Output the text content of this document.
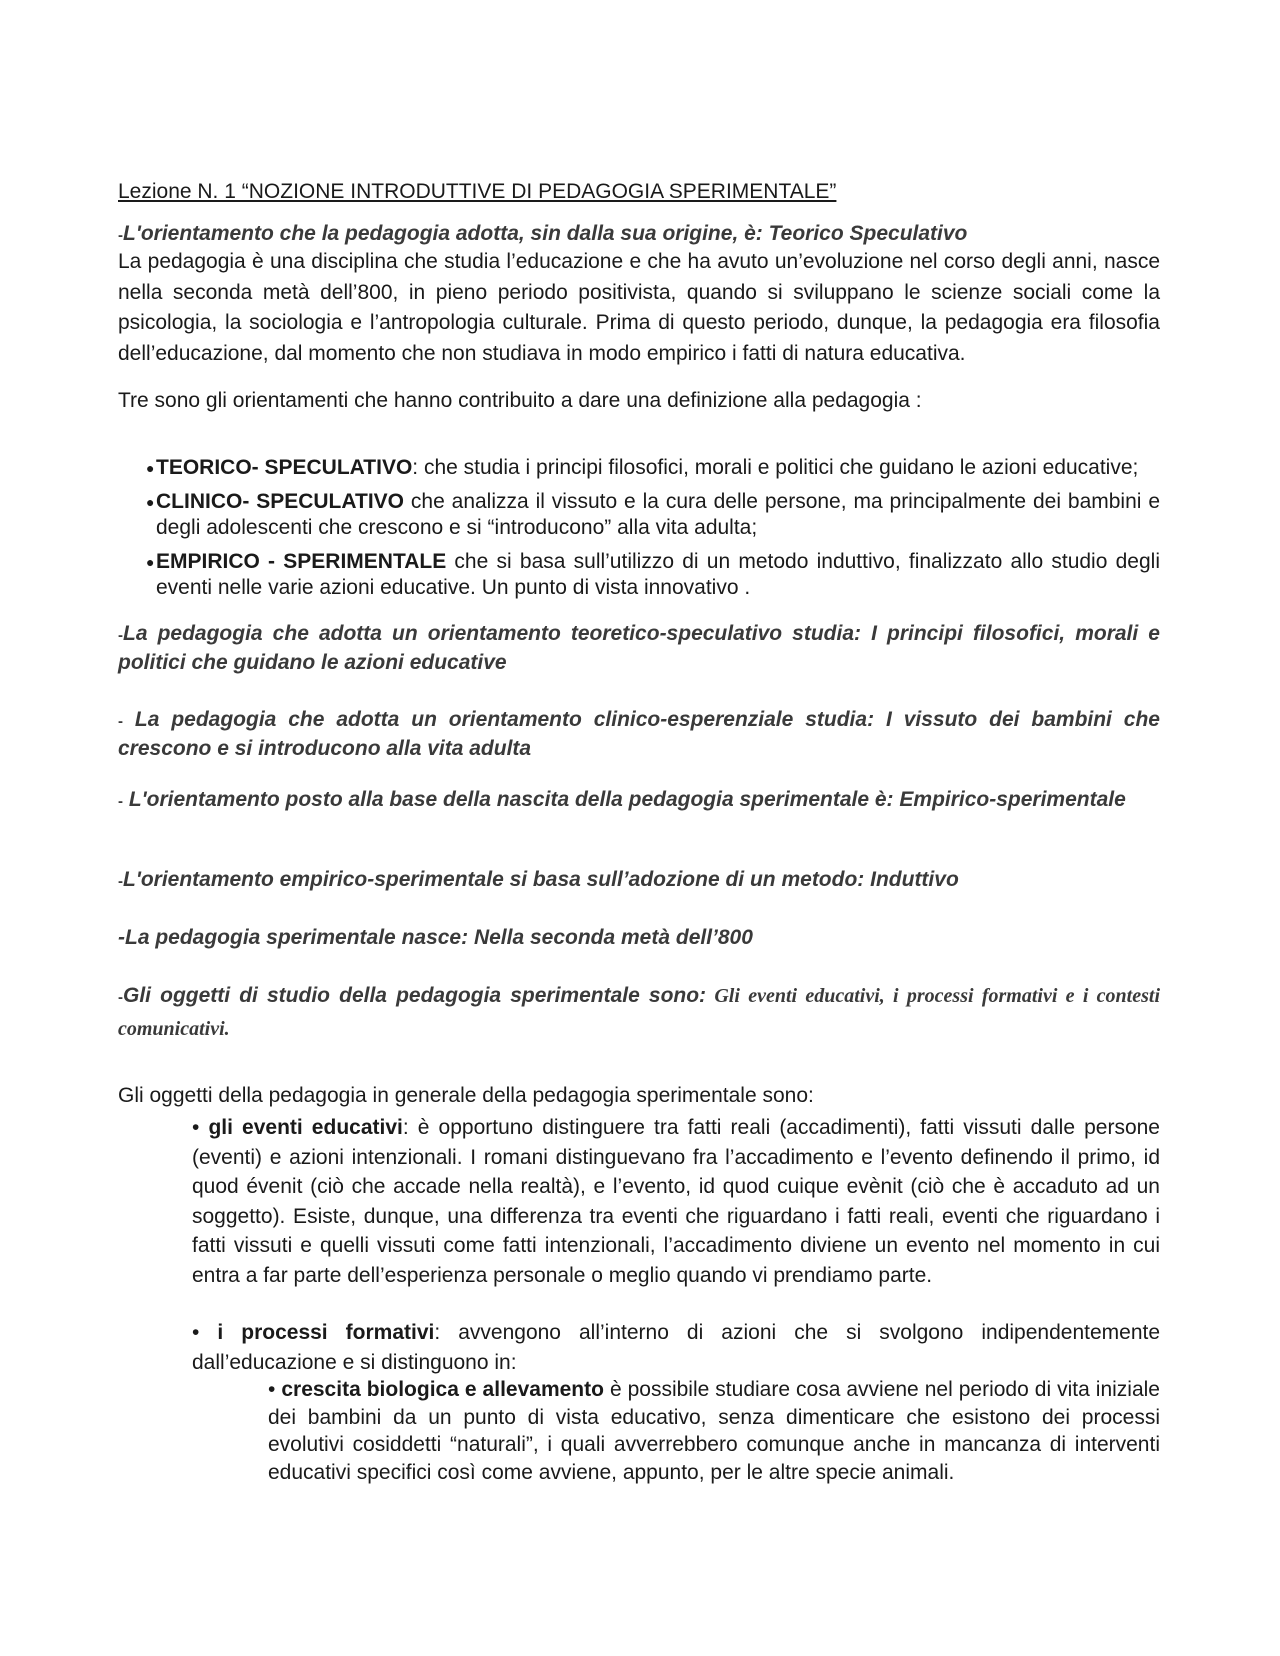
Lezione N. 1 “NOZIONE INTRODUTTIVE DI PEDAGOGIA SPERIMENTALE”
-L'orientamento che la pedagogia adotta, sin dalla sua origine, è: Teorico Speculativo
La pedagogia è una disciplina che studia l’educazione e che ha avuto un’evoluzione nel corso degli anni, nasce nella seconda metà dell’800, in pieno periodo positivista, quando si sviluppano le scienze sociali come la psicologia, la sociologia e l’antropologia culturale. Prima di questo periodo, dunque, la pedagogia era filosofia dell’educazione, dal momento che non studiava in modo empirico i fatti di natura educativa.
Tre sono gli orientamenti che hanno contribuito a dare una definizione alla pedagogia :
● TEORICO- SPECULATIVO: che studia i principi filosofici, morali e politici che guidano le azioni educative;
● CLINICO- SPECULATIVO che analizza il vissuto e la cura delle persone, ma principalmente dei bambini e degli adolescenti che crescono e si “introducono” alla vita adulta;
● EMPIRICO - SPERIMENTALE che si basa sull’utilizzo di un metodo induttivo, finalizzato allo studio degli eventi nelle varie azioni educative. Un punto di vista innovativo .
-La pedagogia che adotta un orientamento teoretico-speculativo studia: I principi filosofici, morali e politici che guidano le azioni educative
- La pedagogia che adotta un orientamento clinico-esperenziale studia: I vissuto dei bambini che crescono e si introducono alla vita adulta
- L'orientamento posto alla base della nascita della pedagogia sperimentale è: Empirico-sperimentale
-L'orientamento empirico-sperimentale si basa sull’adozione di un metodo: Induttivo
-La pedagogia sperimentale nasce: Nella seconda metà dell’800
-Gli oggetti di studio della pedagogia sperimentale sono: Gli eventi educativi, i processi formativi e i contesti comunicativi.
Gli oggetti della pedagogia in generale della pedagogia sperimentale sono:
• gli eventi educativi: è opportuno distinguere tra fatti reali (accadimenti), fatti vissuti dalle persone (eventi) e azioni intenzionali. I romani distinguevano fra l’accadimento e l’evento definendo il primo, id quod évenit (ciò che accade nella realtà), e l’evento, id quod cuique evènit (ciò che è accaduto ad un soggetto). Esiste, dunque, una differenza tra eventi che riguardano i fatti reali, eventi che riguardano i fatti vissuti e quelli vissuti come fatti intenzionali, l’accadimento diviene un evento nel momento in cui entra a far parte dell’esperienza personale o meglio quando vi prendiamo parte.
• i processi formativi: avvengono all’interno di azioni che si svolgono indipendentemente dall’educazione e si distinguono in:
• crescita biologica e allevamento è possibile studiare cosa avviene nel periodo di vita iniziale dei bambini da un punto di vista educativo, senza dimenticare che esistono dei processi evolutivi cosiddetti “naturali”, i quali avverrebbero comunque anche in mancanza di interventi educativi specifici così come avviene, appunto, per le altre specie animali.
